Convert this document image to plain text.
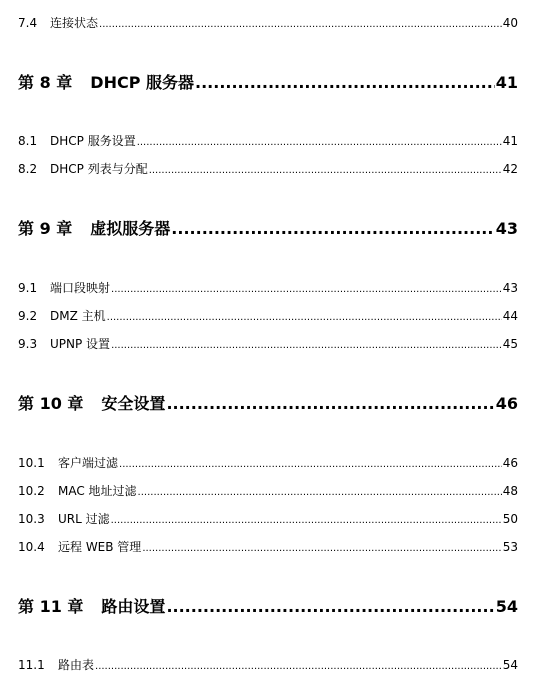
7.4	连接状态 .....	40
第 8 章 DHCP 服务器 .....	41
8.1	DHCP 服务设置 .....	41
8.2	DHCP 列表与分配 .....	42
第 9 章 虚拟服务器 .....	43
9.1	端口段映射 .....	43
9.2	DMZ 主机 .....	44
9.3	UPNP 设置 .....	45
第 10 章 安全设置 .....	46
10.1	客户端过滤 .....	46
10.2	MAC 地址过滤 .....	48
10.3	URL 过滤 .....	50
10.4	远程 WEB 管理 .....	53
第 11 章 路由设置 .....	54
11.1	路由表 .....	54
